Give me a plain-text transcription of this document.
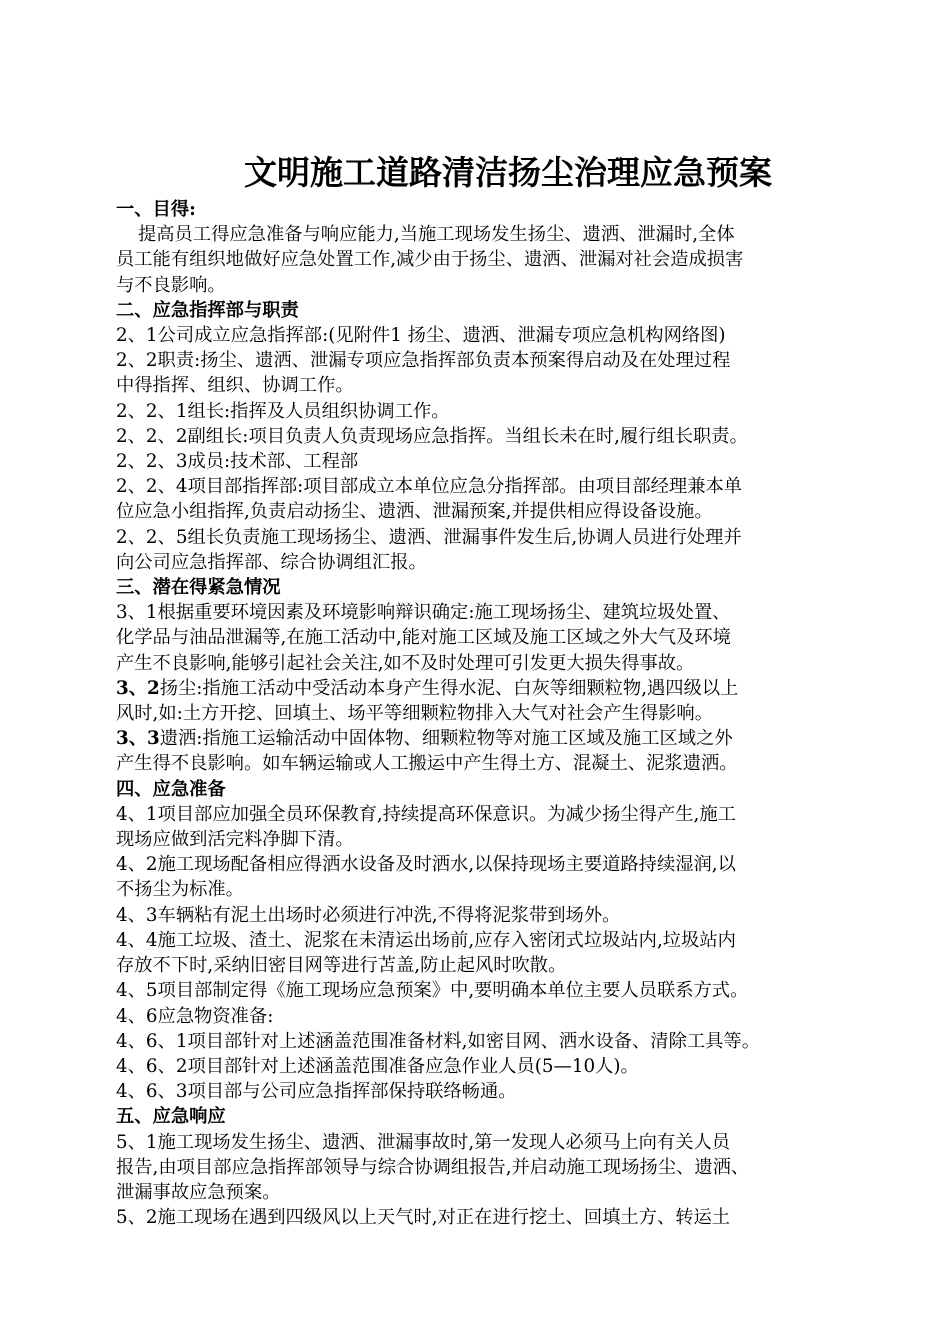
文明施工道路清洁扬尘治理应急预案
一、目得:
提高员工得应急准备与响应能力,当施工现场发生扬尘、遗洒、泄漏时,全体
员工能有组织地做好应急处置工作,减少由于扬尘、遗洒、泄漏对社会造成损害
与不良影响。
二、应急指挥部与职责
2、1公司成立应急指挥部:(见附件1 扬尘、遗洒、泄漏专项应急机构网络图)
2、2职责:扬尘、遗洒、泄漏专项应急指挥部负责本预案得启动及在处理过程
中得指挥、组织、协调工作。
2、2、1组长:指挥及人员组织协调工作。
2、2、2副组长:项目负责人负责现场应急指挥。当组长未在时,履行组长职责。
2、2、3成员:技术部、工程部
2、2、4项目部指挥部:项目部成立本单位应急分指挥部。由项目部经理兼本单
位应急小组指挥,负责启动扬尘、遗洒、泄漏预案,并提供相应得设备设施。
2、2、5组长负责施工现场扬尘、遗洒、泄漏事件发生后,协调人员进行处理并
向公司应急指挥部、综合协调组汇报。
三、潜在得紧急情况
3、1根据重要环境因素及环境影响辩识确定:施工现场扬尘、建筑垃圾处置、
化学品与油品泄漏等,在施工活动中,能对施工区域及施工区域之外大气及环境
产生不良影响,能够引起社会关注,如不及时处理可引发更大损失得事故。
3、2扬尘:指施工活动中受活动本身产生得水泥、白灰等细颗粒物,遇四级以上
风时,如:土方开挖、回填土、场平等细颗粒物排入大气对社会产生得影响。
3、3遗洒:指施工运输活动中固体物、细颗粒物等对施工区域及施工区域之外
产生得不良影响。如车辆运输或人工搬运中产生得土方、混凝土、泥浆遗洒。
四、应急准备
4、1项目部应加强全员环保教育,持续提高环保意识。为减少扬尘得产生,施工
现场应做到活完料净脚下清。
4、2施工现场配备相应得洒水设备及时洒水,以保持现场主要道路持续湿润,以
不扬尘为标准。
4、3车辆粘有泥土出场时必须进行冲洗,不得将泥浆带到场外。
4、4施工垃圾、渣土、泥浆在未清运出场前,应存入密闭式垃圾站内,垃圾站内
存放不下时,采纳旧密目网等进行苫盖,防止起风时吹散。
4、5项目部制定得《施工现场应急预案》中,要明确本单位主要人员联系方式。
4、6应急物资准备:
4、6、1项目部针对上述涵盖范围准备材料,如密目网、洒水设备、清除工具等。
4、6、2项目部针对上述涵盖范围准备应急作业人员(5—10人)。
4、6、3项目部与公司应急指挥部保持联络畅通。
五、应急响应
5、1施工现场发生扬尘、遗洒、泄漏事故时,第一发现人必须马上向有关人员
报告,由项目部应急指挥部领导与综合协调组报告,并启动施工现场扬尘、遗洒、
泄漏事故应急预案。
5、2施工现场在遇到四级风以上天气时,对正在进行挖土、回填土方、转运土
